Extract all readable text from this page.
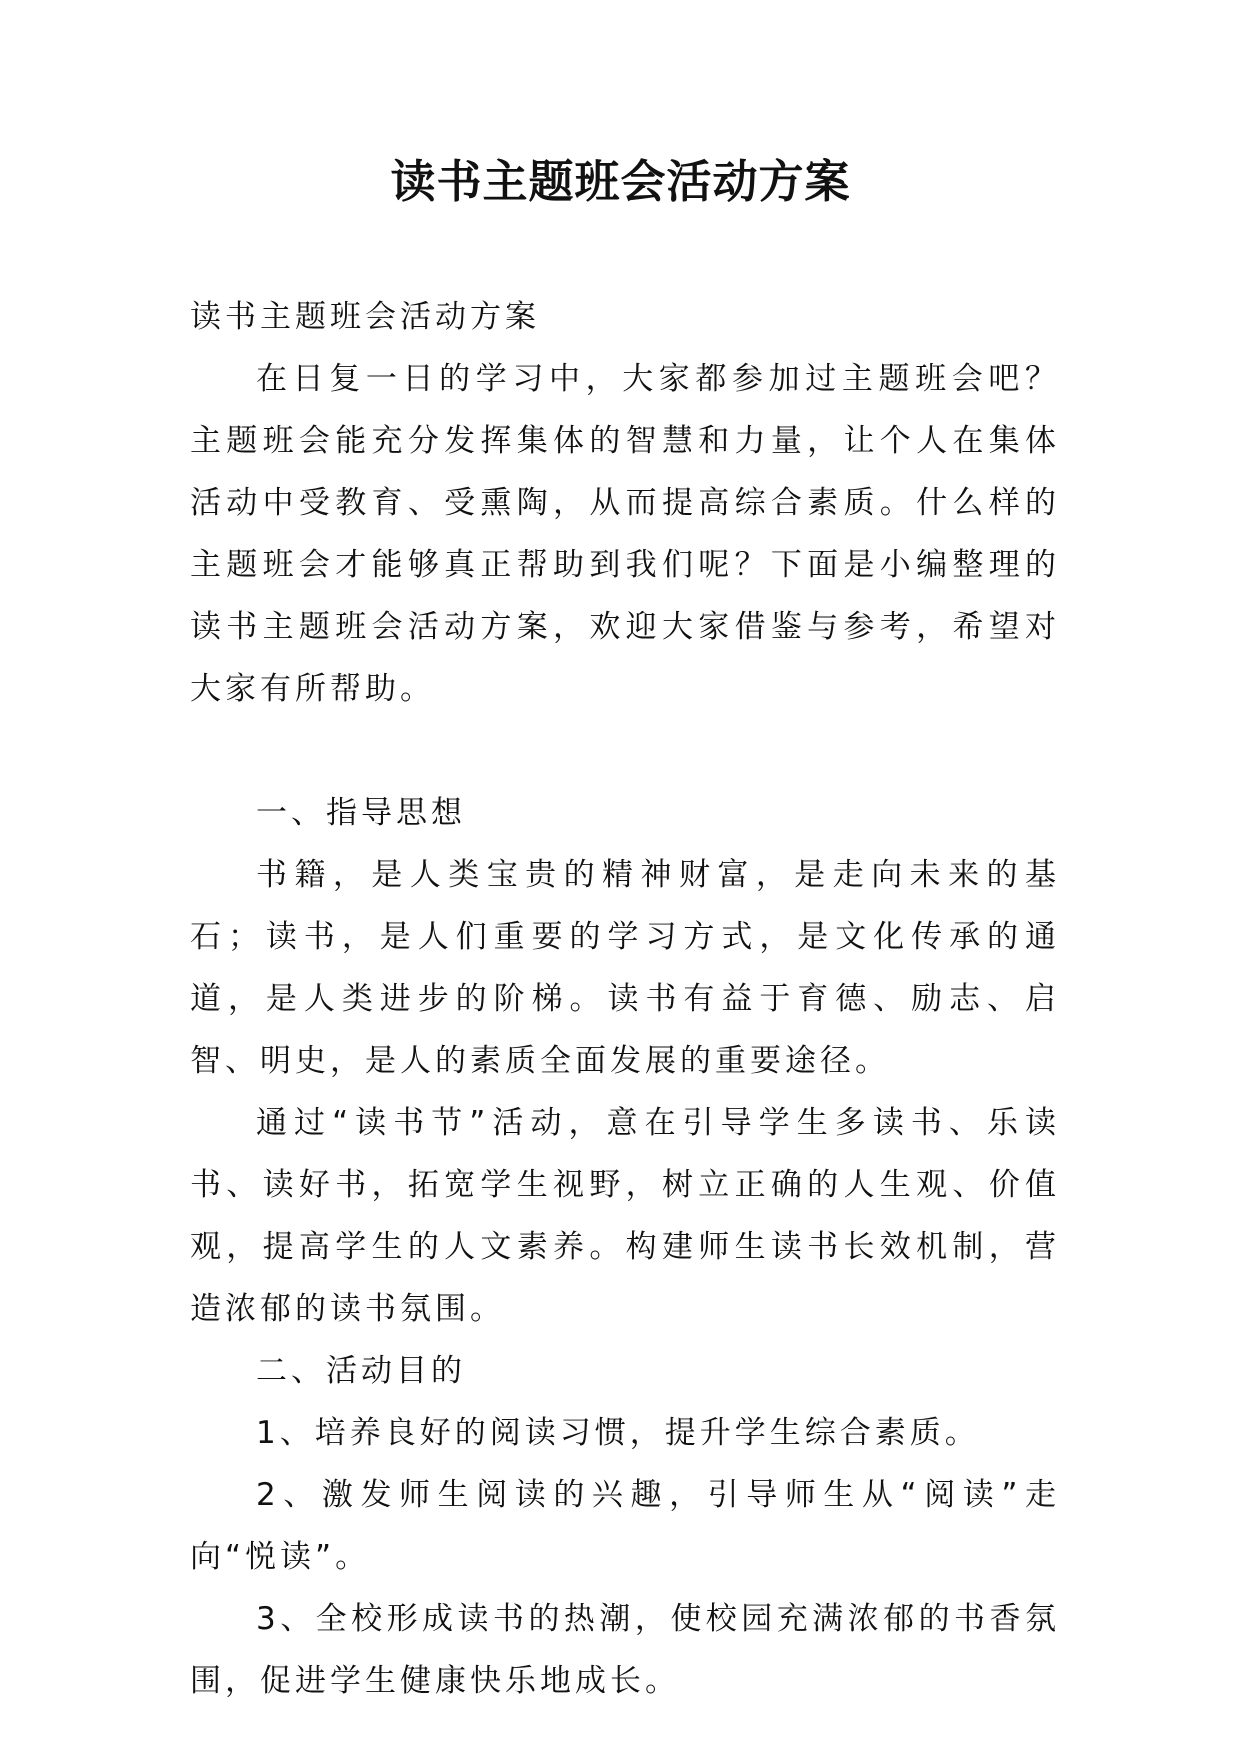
读书主题班会活动方案

读书主题班会活动方案

在日复一日的学习中，大家都参加过主题班会吧？主题班会能充分发挥集体的智慧和力量，让个人在集体活动中受教育、受熏陶，从而提高综合素质。什么样的主题班会才能够真正帮助到我们呢？下面是小编整理的读书主题班会活动方案，欢迎大家借鉴与参考，希望对大家有所帮助。

一、指导思想

书籍，是人类宝贵的精神财富，是走向未来的基石；读书，是人们重要的学习方式，是文化传承的通道，是人类进步的阶梯。读书有益于育德、励志、启智、明史，是人的素质全面发展的重要途径。

通过“读书节”活动，意在引导学生多读书、乐读书、读好书，拓宽学生视野，树立正确的人生观、价值观，提高学生的人文素养。构建师生读书长效机制，营造浓郁的读书氛围。

二、活动目的

1、培养良好的阅读习惯，提升学生综合素质。

2、激发师生阅读的兴趣，引导师生从“阅读”走向“悦读”。

3、全校形成读书的热潮，使校园充满浓郁的书香氛围，促进学生健康快乐地成长。
